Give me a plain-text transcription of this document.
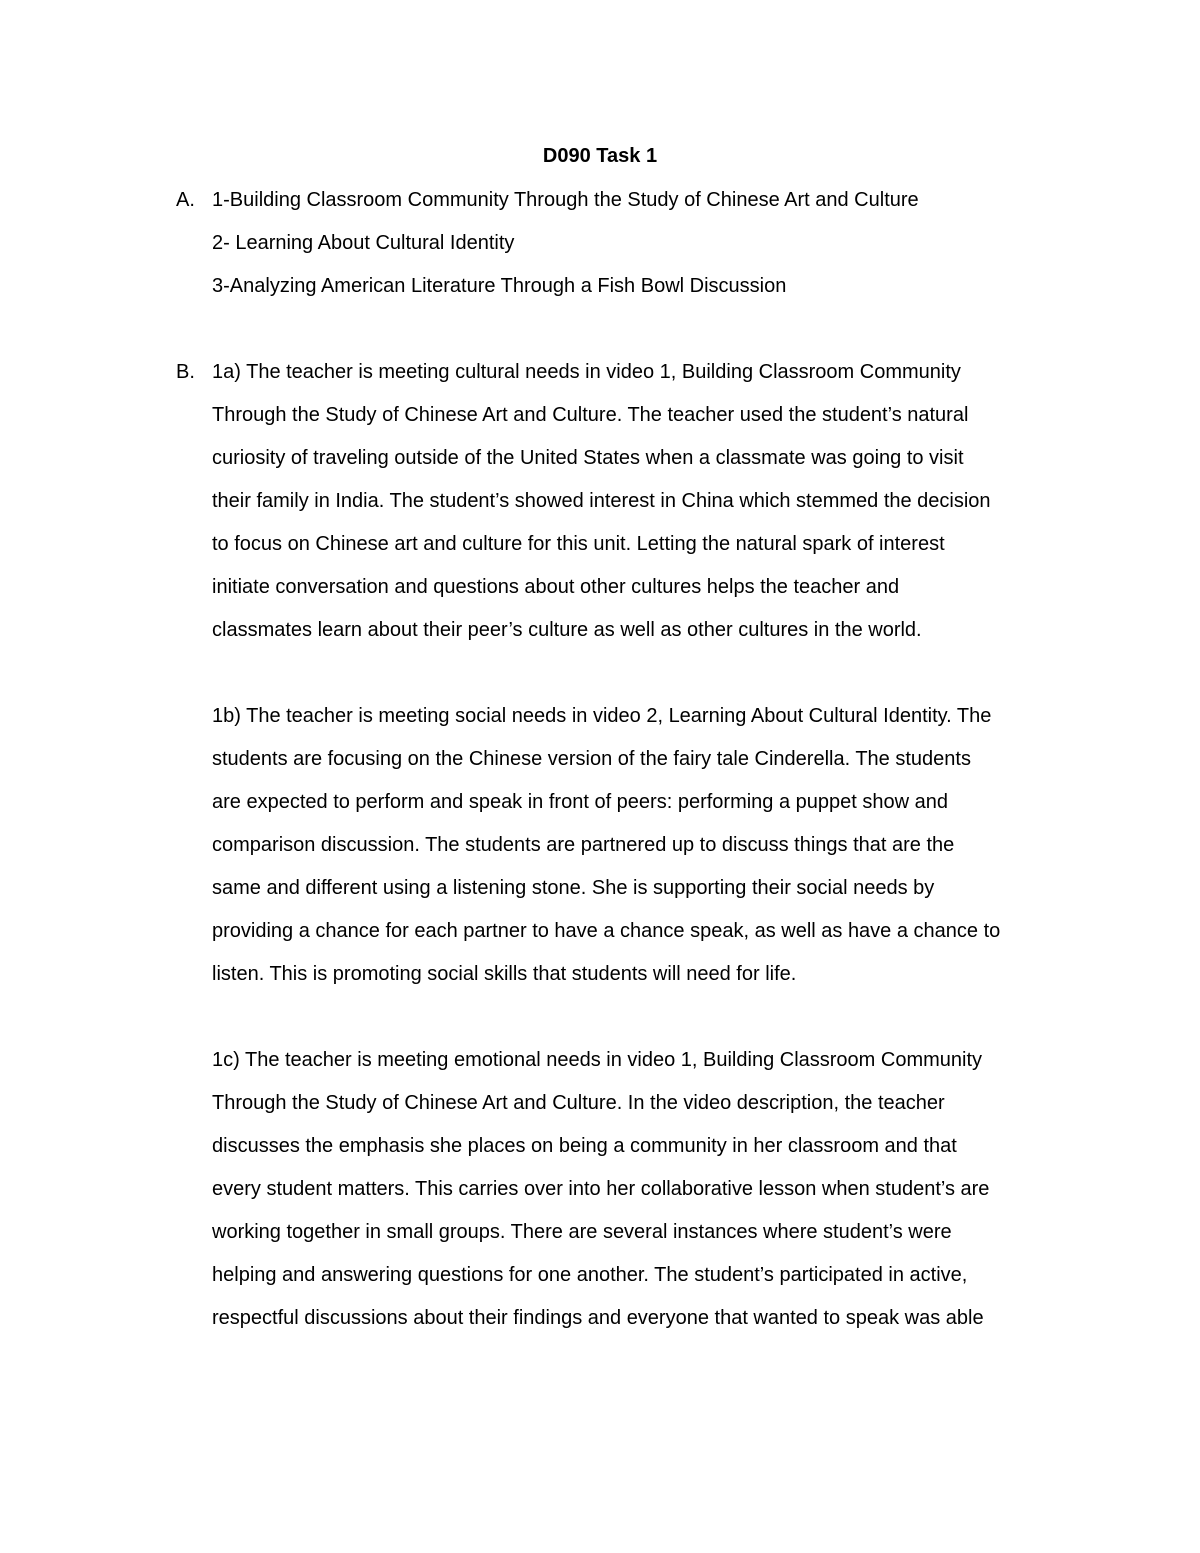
D090 Task 1
A. 1-Building Classroom Community Through the Study of Chinese Art and Culture
2- Learning About Cultural Identity
3-Analyzing American Literature Through a Fish Bowl Discussion
B. 1a) The teacher is meeting cultural needs in video 1, Building Classroom Community
Through the Study of Chinese Art and Culture. The teacher used the student’s natural
curiosity of traveling outside of the United States when a classmate was going to visit
their family in India. The student’s showed interest in China which stemmed the decision
to focus on Chinese art and culture for this unit. Letting the natural spark of interest
initiate conversation and questions about other cultures helps the teacher and
classmates learn about their peer’s culture as well as other cultures in the world.
1b) The teacher is meeting social needs in video 2, Learning About Cultural Identity. The
students are focusing on the Chinese version of the fairy tale Cinderella. The students
are expected to perform and speak in front of peers: performing a puppet show and
comparison discussion. The students are partnered up to discuss things that are the
same and different using a listening stone. She is supporting their social needs by
providing a chance for each partner to have a chance speak, as well as have a chance to
listen. This is promoting social skills that students will need for life.
1c) The teacher is meeting emotional needs in video 1, Building Classroom Community
Through the Study of Chinese Art and Culture. In the video description, the teacher
discusses the emphasis she places on being a community in her classroom and that
every student matters. This carries over into her collaborative lesson when student’s are
working together in small groups. There are several instances where student’s were
helping and answering questions for one another. The student’s participated in active,
respectful discussions about their findings and everyone that wanted to speak was able
